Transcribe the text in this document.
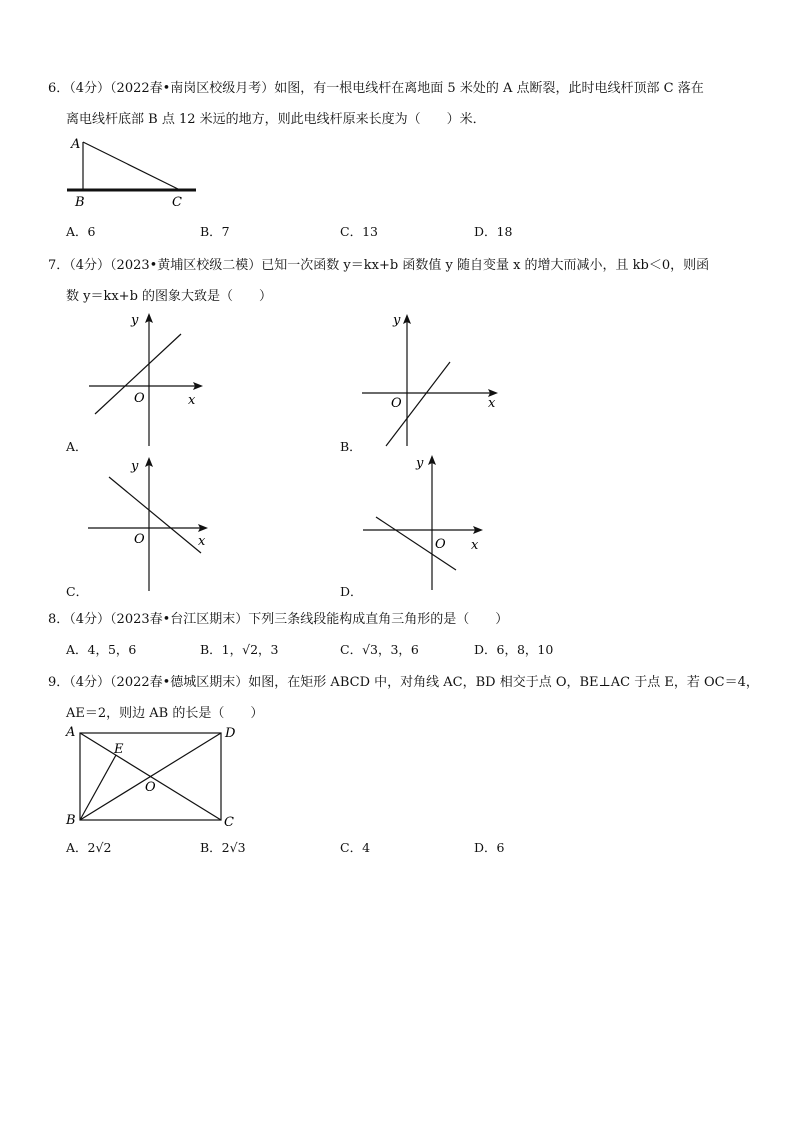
6．（4分）（2022春•南岗区校级月考）如图，有一根电线杆在离地面 5 米处的 A 点断裂，此时电线杆顶部 C 落在
离电线杆底部 B 点 12 米远的地方，则此电线杆原来长度为（　　）米．
A
B	C
A．6	B．7	C．13	D．18
7．（4分）（2023•黄埔区校级二模）已知一次函数 y＝kx+b 函数值 y 随自变量 x 的增大而减小，且 kb＜0，则函
数 y＝kx+b 的图象大致是（　　）
y
x
O
A．
y
x
O
B．
y
x
O
C．
y
x
O
D．
8．（4分）（2023春•台江区期末）下列三条线段能构成直角三角形的是（　　）
A．4，5，6	B．1，√2，3	C．√3，3，6	D．6，8，10
9．（4分）（2022春•德城区期末）如图，在矩形 ABCD 中，对角线 AC，BD 相交于点 O，BE⊥AC 于点 E，若 OC＝4，
AE＝2，则边 AB 的长是（　　）
A	D
B	C
E
O
A．2√2	B．2√3	C．4	D．6
